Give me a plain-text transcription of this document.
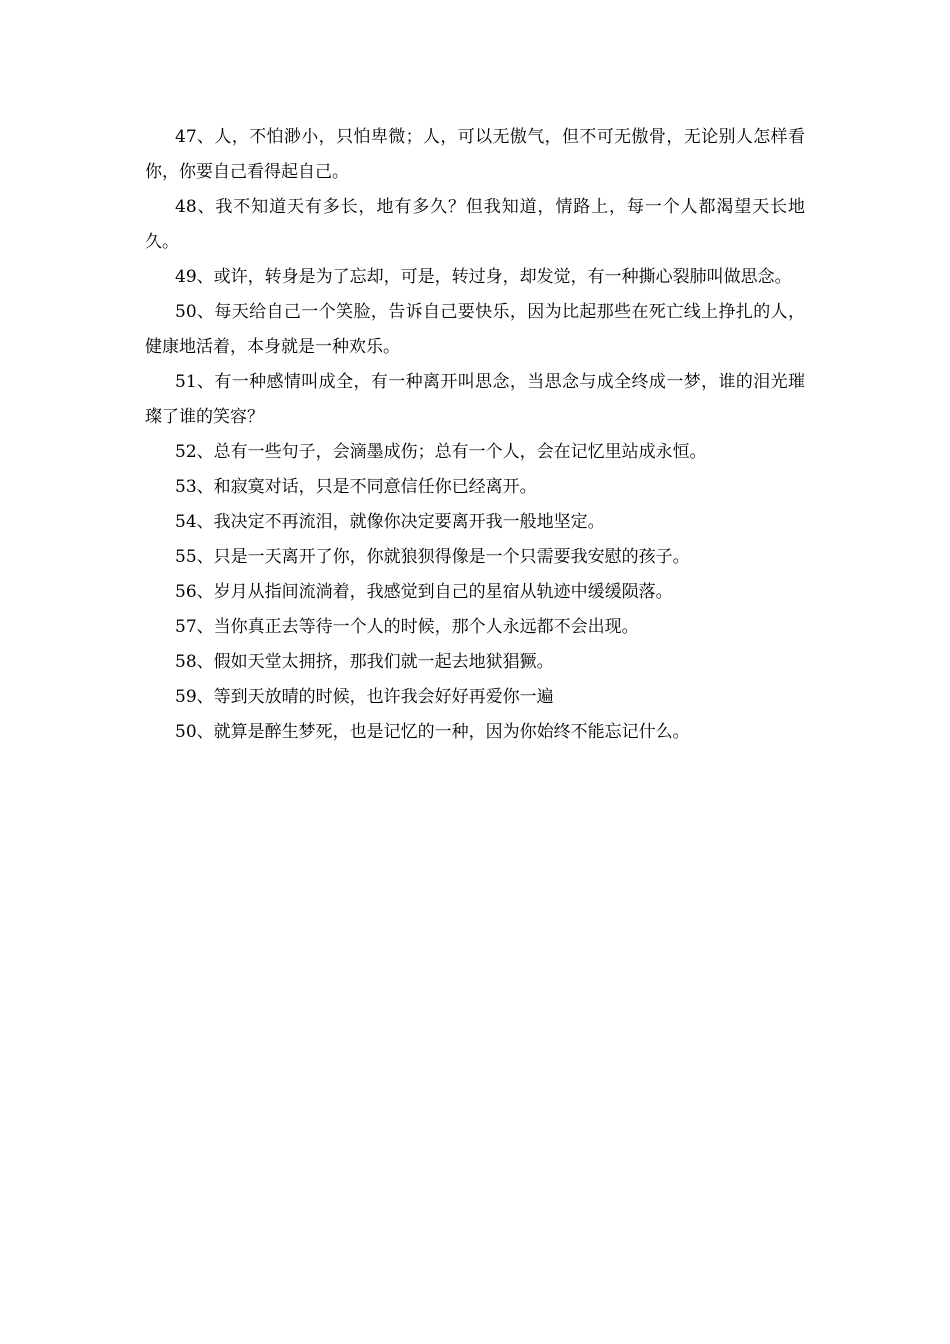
47、人，不怕渺小，只怕卑微；人，可以无傲气，但不可无傲骨，无论别人怎样看你，你要自己看得起自己。

48、我不知道天有多长，地有多久？但我知道，情路上，每一个人都渴望天长地久。

49、或许，转身是为了忘却，可是，转过身，却发觉，有一种撕心裂肺叫做思念。

50、每天给自己一个笑脸，告诉自己要快乐，因为比起那些在死亡线上挣扎的人，健康地活着，本身就是一种欢乐。

51、有一种感情叫成全，有一种离开叫思念，当思念与成全终成一梦，谁的泪光璀璨了谁的笑容？

52、总有一些句子，会滴墨成伤；总有一个人，会在记忆里站成永恒。

53、和寂寞对话，只是不同意信任你已经离开。

54、我决定不再流泪，就像你决定要离开我一般地坚定。

55、只是一天离开了你，你就狼狈得像是一个只需要我安慰的孩子。

56、岁月从指间流淌着，我感觉到自己的星宿从轨迹中缓缓陨落。

57、当你真正去等待一个人的时候，那个人永远都不会出现。

58、假如天堂太拥挤，那我们就一起去地狱猖獗。

59、等到天放晴的时候，也许我会好好再爱你一遍

50、就算是醉生梦死，也是记忆的一种，因为你始终不能忘记什么。
